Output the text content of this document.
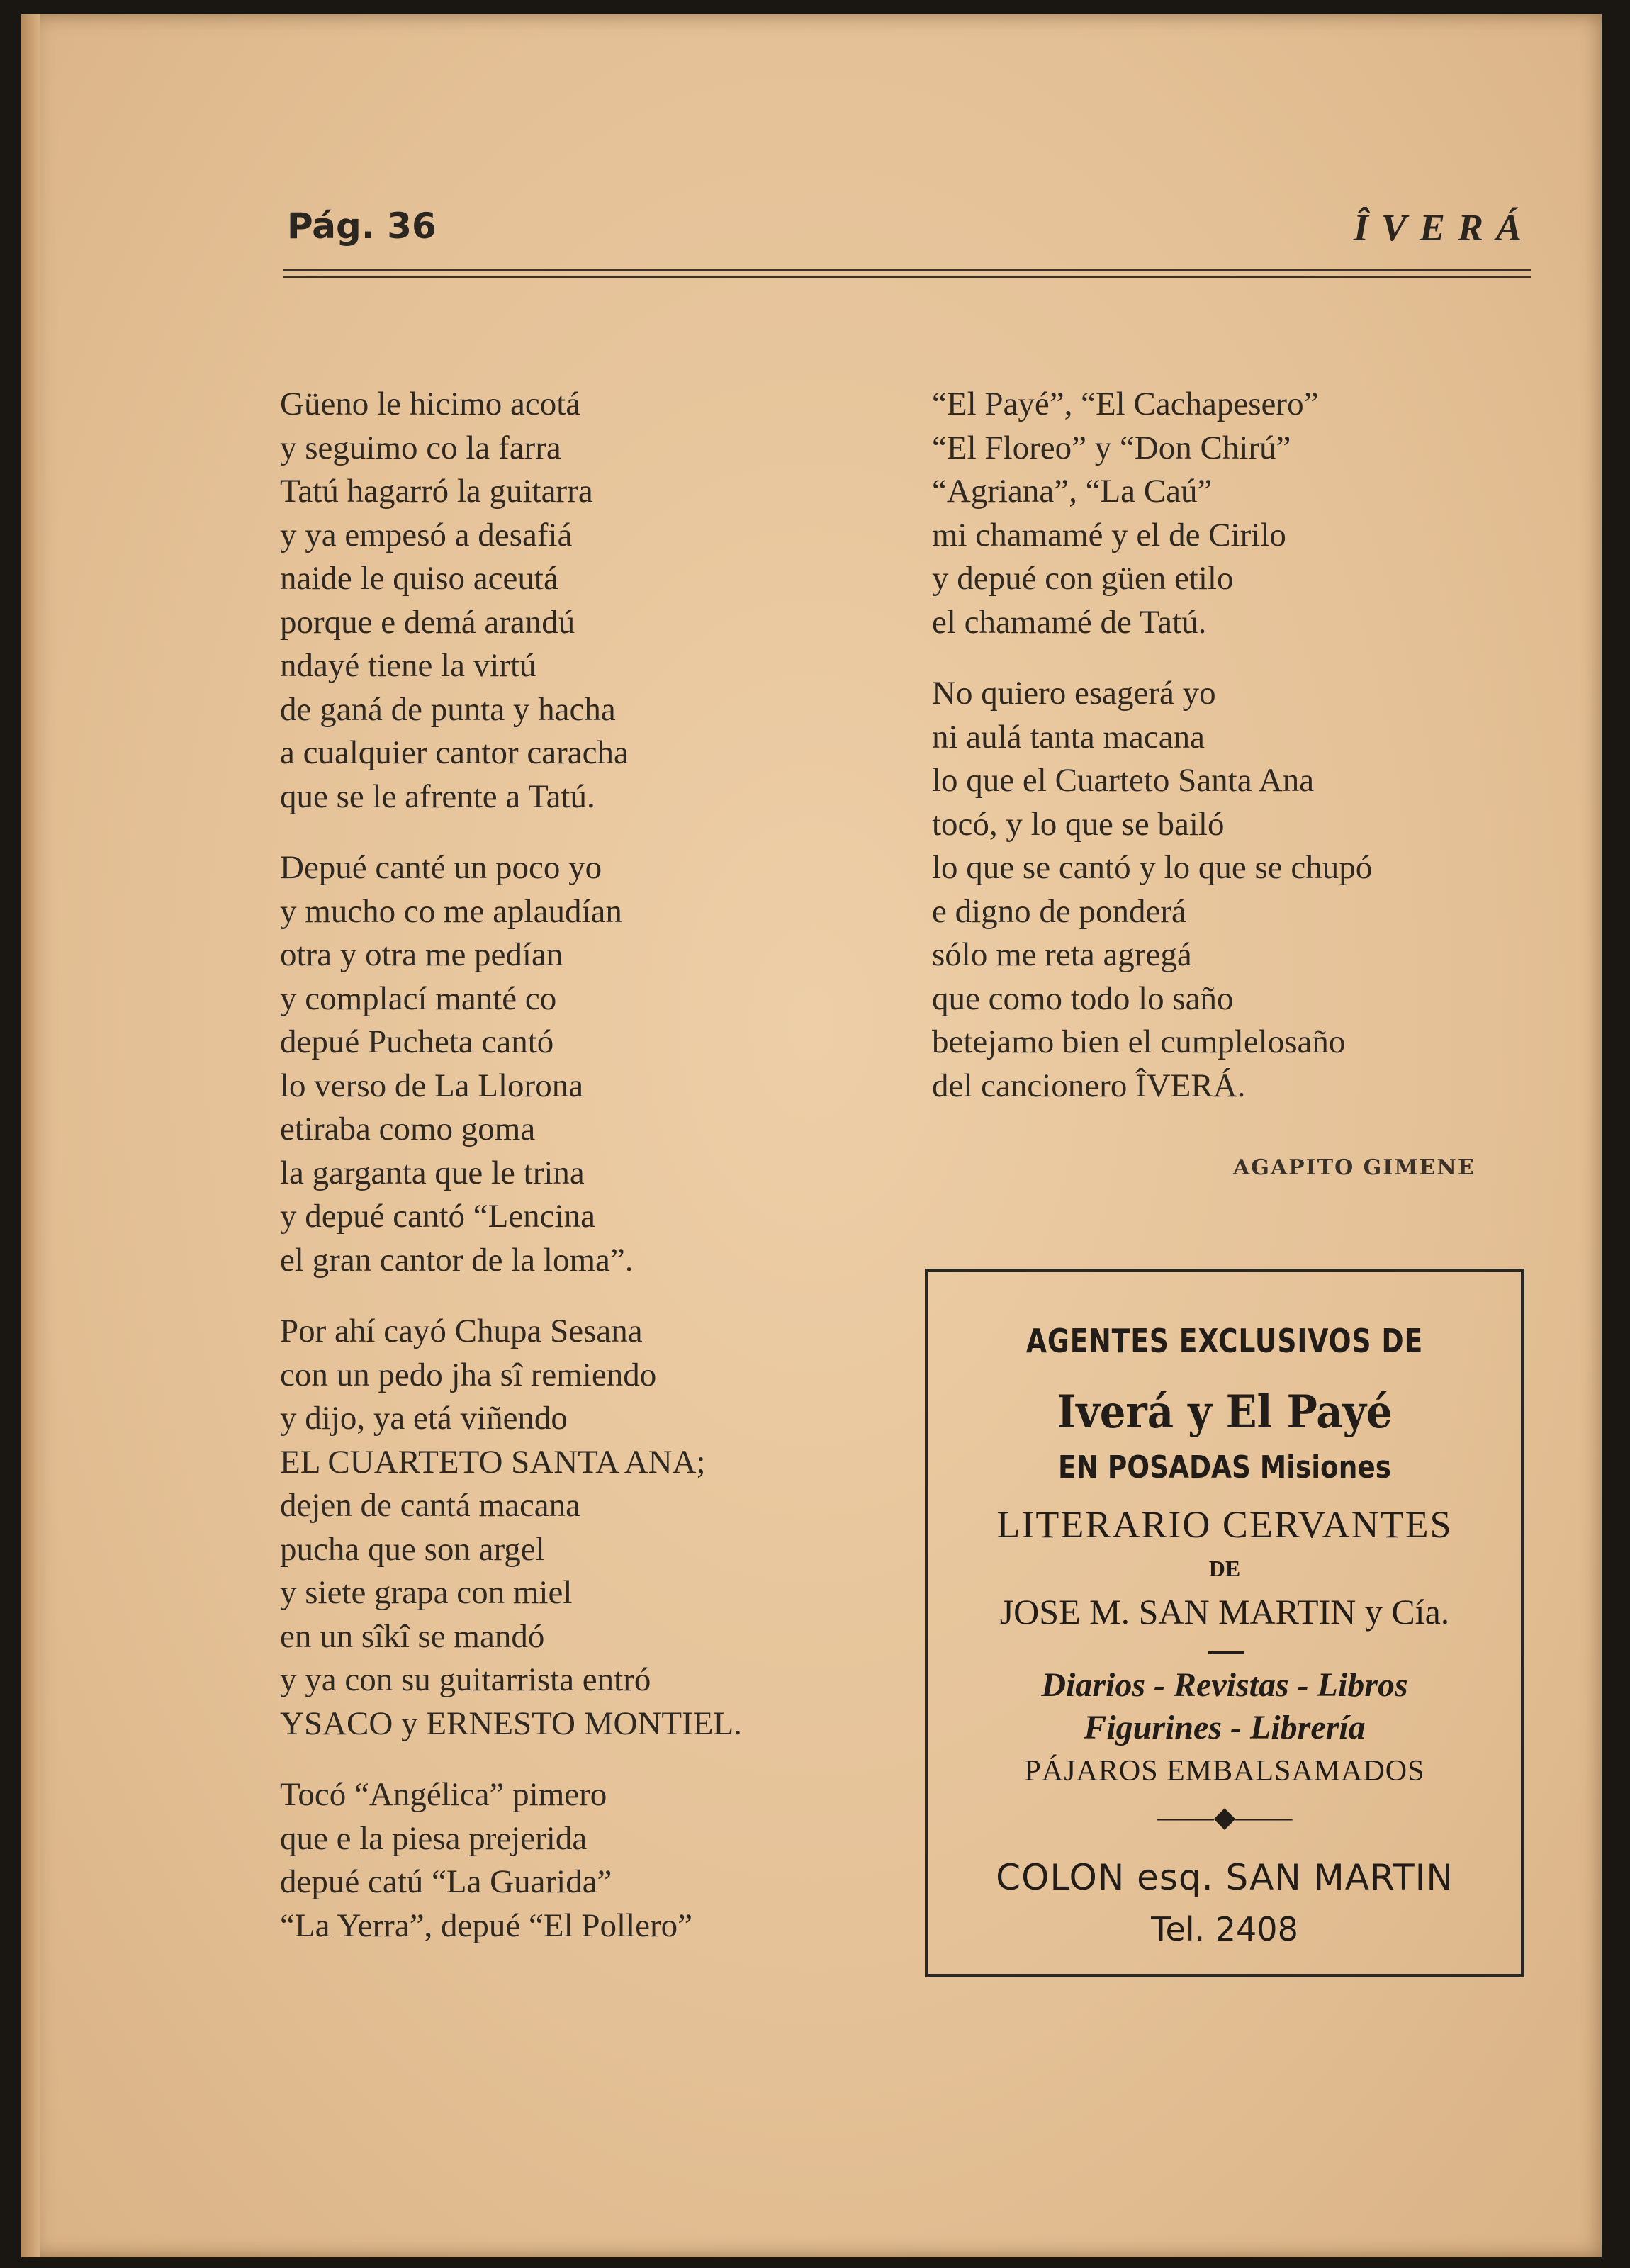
Pág. 36	ÎVERÁ
Güeno le hicimo acotá
y seguimo co la farra
Tatú hagarró la guitarra
y ya empesó a desafiá
naide le quiso aceutá
porque e demá arandú
ndayé tiene la virtú
de ganá de punta y hacha
a cualquier cantor caracha
que se le afrente a Tatú.
Depué canté un poco yo
y mucho co me aplaudían
otra y otra me pedían
y complací manté co
depué Pucheta cantó
lo verso de La Llorona
etiraba como goma
la garganta que le trina
y depué cantó “Lencina
el gran cantor de la loma”.
Por ahí cayó Chupa Sesana
con un pedo jha sî remiendo
y dijo, ya etá viñendo
EL CUARTETO SANTA ANA;
dejen de cantá macana
pucha que son argel
y siete grapa con miel
en un sîkî se mandó
y ya con su guitarrista entró
YSACO y ERNESTO MONTIEL.
Tocó “Angélica” pimero
que e la piesa prejerida
depué catú “La Guarida”
“La Yerra”, depué “El Pollero”
“El Payé”, “El Cachapesero”
“El Floreo” y “Don Chirú”
“Agriana”, “La Caú”
mi chamamé y el de Cirilo
y depué con güen etilo
el chamamé de Tatú.
No quiero esagerá yo
ni aulá tanta macana
lo que el Cuarteto Santa Ana
tocó, y lo que se bailó
lo que se cantó y lo que se chupó
e digno de ponderá
sólo me reta agregá
que como todo lo saño
betejamo bien el cumplelosaño
del cancionero ÎVERÁ.
AGAPITO GIMENE
AGENTES EXCLUSIVOS DE
Iverá y El Payé
EN POSADAS Misiones
LITERARIO CERVANTES
DE
JOSE M. SAN MARTIN y Cía.
Diarios - Revistas - Libros
Figurines - Librería
PÁJAROS EMBALSAMADOS
——◆——
COLON esq. SAN MARTIN
Tel. 2408
